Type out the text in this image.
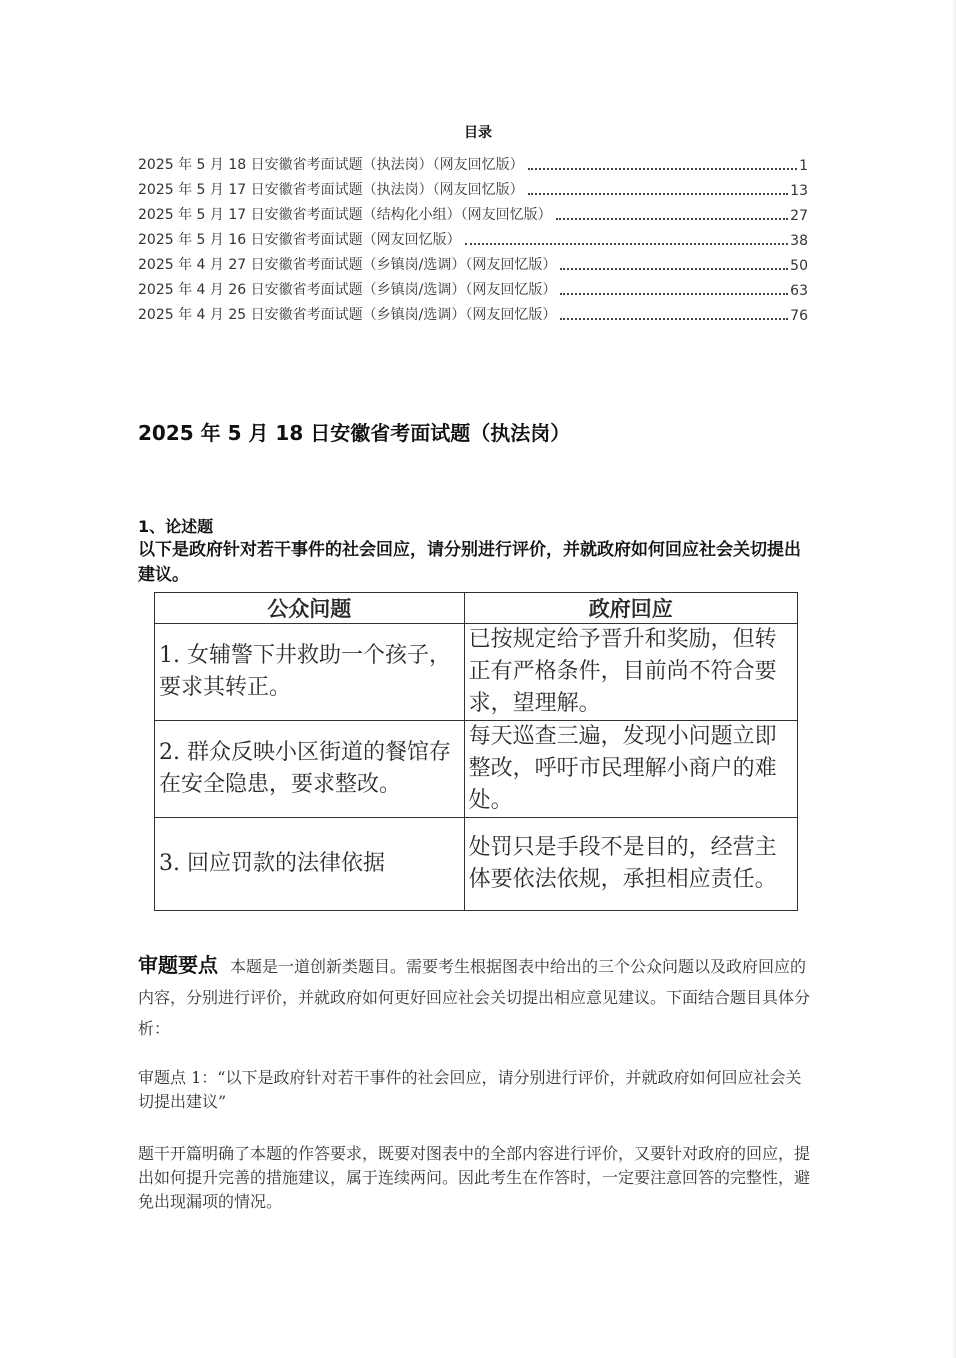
目录
2025 年 5 月 18 日安徽省考面试题（执法岗）（网友回忆版）	1
2025 年 5 月 17 日安徽省考面试题（执法岗）（网友回忆版）	13
2025 年 5 月 17 日安徽省考面试题（结构化小组）（网友回忆版）	27
2025 年 5 月 16 日安徽省考面试题（网友回忆版）	38
2025 年 4 月 27 日安徽省考面试题（乡镇岗/选调）（网友回忆版）	50
2025 年 4 月 26 日安徽省考面试题（乡镇岗/选调）（网友回忆版）	63
2025 年 4 月 25 日安徽省考面试题（乡镇岗/选调）（网友回忆版）	76
2025 年 5 月 18 日安徽省考面试题（执法岗）
1、论述题
以下是政府针对若干事件的社会回应，请分别进行评价，并就政府如何回应社会关切提出建议。
公众问题	政府回应
1. 女辅警下井救助一个孩子，要求其转正。	已按规定给予晋升和奖励，但转正有严格条件，目前尚不符合要求，望理解。
2. 群众反映小区街道的餐馆存在安全隐患，要求整改。	每天巡查三遍，发现小问题立即整改，呼吁市民理解小商户的难处。
3. 回应罚款的法律依据	处罚只是手段不是目的，经营主体要依法依规，承担相应责任。
审题要点 本题是一道创新类题目。需要考生根据图表中给出的三个公众问题以及政府回应的内容，分别进行评价，并就政府如何更好回应社会关切提出相应意见建议。下面结合题目具体分析：
审题点 1：“以下是政府针对若干事件的社会回应，请分别进行评价，并就政府如何回应社会关切提出建议”
题干开篇明确了本题的作答要求，既要对图表中的全部内容进行评价，又要针对政府的回应，提出如何提升完善的措施建议，属于连续两问。因此考生在作答时，一定要注意回答的完整性，避免出现漏项的情况。
